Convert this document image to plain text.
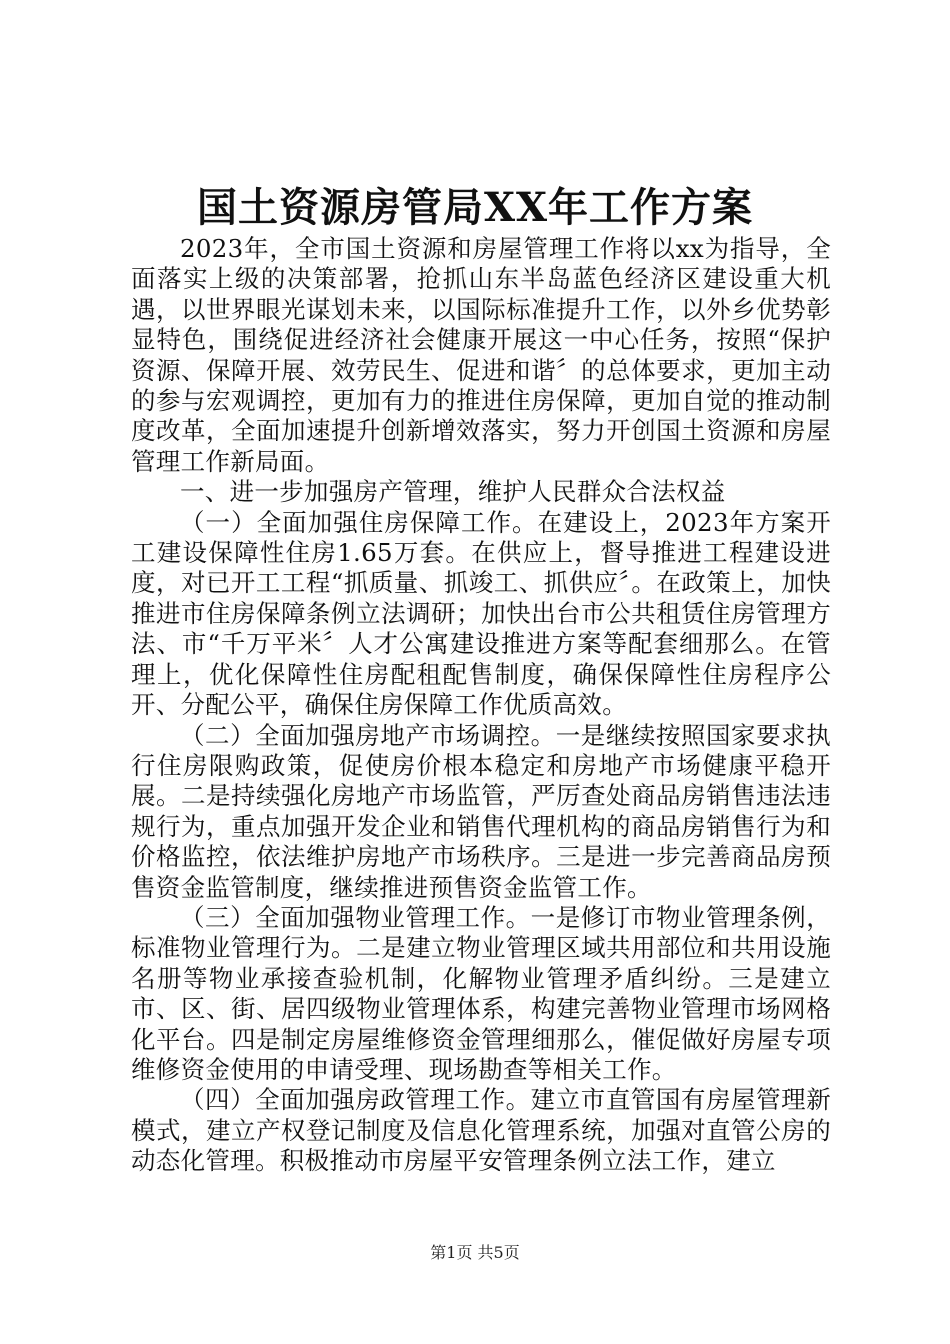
国土资源房管局XX年工作方案

2023年，全市国土资源和房屋管理工作将以xx为指导，全面落实上级的决策部署，抢抓山东半岛蓝色经济区建设重大机遇，以世界眼光谋划未来，以国际标准提升工作，以外乡优势彰显特色，围绕促进经济社会健康开展这一中心任务，按照“保护资源、保障开展、效劳民生、促进和谐〞的总体要求，更加主动的参与宏观调控，更加有力的推进住房保障，更加自觉的推动制度改革，全面加速提升创新增效落实，努力开创国土资源和房屋管理工作新局面。

一、进一步加强房产管理，维护人民群众合法权益

（一）全面加强住房保障工作。在建设上，2023年方案开工建设保障性住房1.65万套。在供应上，督导推进工程建设进度，对已开工工程“抓质量、抓竣工、抓供应〞。在政策上，加快推进市住房保障条例立法调研；加快出台市公共租赁住房管理方法、市“千万平米〞人才公寓建设推进方案等配套细那么。在管理上，优化保障性住房配租配售制度，确保保障性住房程序公开、分配公平，确保住房保障工作优质高效。

（二）全面加强房地产市场调控。一是继续按照国家要求执行住房限购政策，促使房价根本稳定和房地产市场健康平稳开展。二是持续强化房地产市场监管，严厉查处商品房销售违法违规行为，重点加强开发企业和销售代理机构的商品房销售行为和价格监控，依法维护房地产市场秩序。三是进一步完善商品房预售资金监管制度，继续推进预售资金监管工作。

（三）全面加强物业管理工作。一是修订市物业管理条例，标准物业管理行为。二是建立物业管理区域共用部位和共用设施名册等物业承接查验机制，化解物业管理矛盾纠纷。三是建立市、区、街、居四级物业管理体系，构建完善物业管理市场网格化平台。四是制定房屋维修资金管理细那么，催促做好房屋专项维修资金使用的申请受理、现场勘查等相关工作。

（四）全面加强房政管理工作。建立市直管国有房屋管理新模式，建立产权登记制度及信息化管理系统，加强对直管公房的动态化管理。积极推动市房屋平安管理条例立法工作，建立

第1页 共5页
